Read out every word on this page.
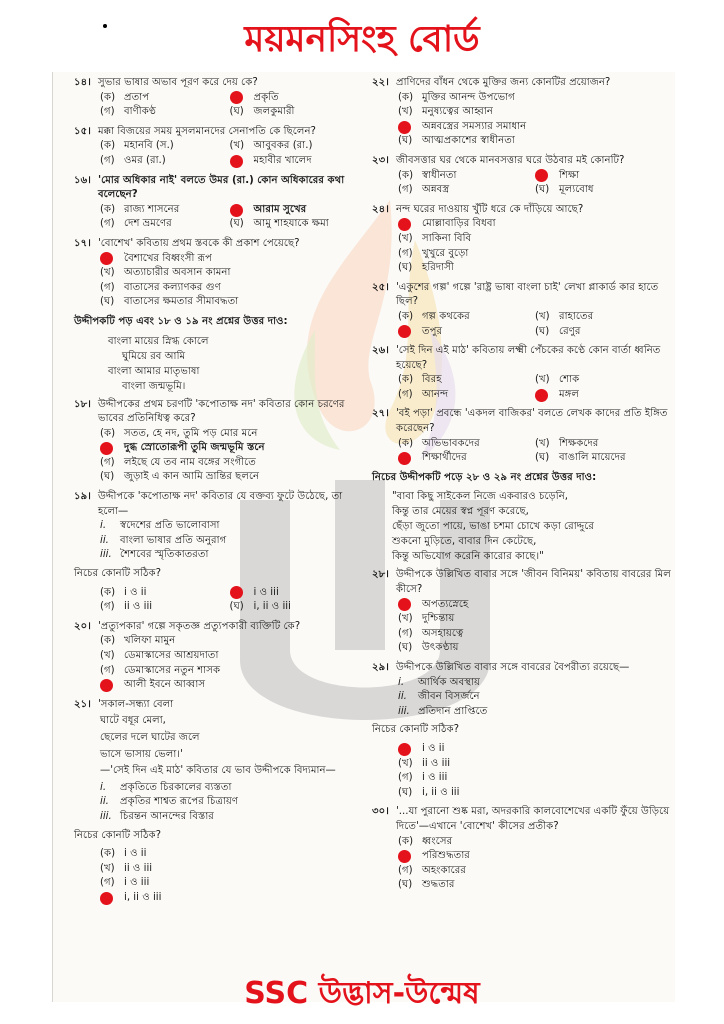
ময়মনসিংহ বোর্ড
১৪। সুভার ভাষার অভাব পূরণ করে দেয় কে?
(ক) প্রতাপ	প্রকৃতি
(গ) বাণীকণ্ঠ	(ঘ) জলকুমারী
১৫। মক্কা বিজয়ের সময় মুসলমানদের সেনাপতি কে ছিলেন?
(ক) মহানবি (স.)	(খ) আবুবকর (রা.)
(গ) ওমর (রা.)	মহাবীর খালেদ
১৬। 'মোর অধিকার নাই' বলতে উমর (রা.) কোন অধিকারের কথা বলেছেন?
(ক) রাজ্য শাসনের	আরাম সুখের
(গ) দেশ ভ্রমণের	(ঘ) আমু শাহযাকে ক্ষমা
১৭। 'বোশেখ' কবিতায় প্রথম স্তবকে কী প্রকাশ পেয়েছে?
বৈশাখের বিধ্বংসী রূপ
(খ) অত্যাচারীর অবসান কামনা
(গ) বাতাসের কল্যাণকর গুণ
(ঘ) বাতাসের ক্ষমতার সীমাবদ্ধতা
উদ্দীপকটি পড় এবং ১৮ ও ১৯ নং প্রশ্নের উত্তর দাও:
বাংলা মায়ের স্নিগ্ধ কোলে
ঘুমিয়ে রব আমি
বাংলা আমার মাতৃভাষা
বাংলা জন্মভূমি।
১৮। উদ্দীপকের প্রথম চরণটি 'কপোতাক্ষ নদ' কবিতার কোন চরণের ভাবের প্রতিনিধিত্ব করে?
(ক) সতত, হে নদ, তুমি পড় মোর মনে
দুগ্ধ স্রোতোরূপী তুমি জন্মভূমি স্তনে
(গ) লইছে যে তব নাম বঙ্গের সংগীতে
(ঘ) জুড়াই এ কান আমি ভ্রান্তির ছলনে
১৯। উদ্দীপকে 'কপোতাক্ষ নদ' কবিতার যে বক্তব্য ফুটে উঠেছে, তা হলো—
i.	স্বদেশের প্রতি ভালোবাসা
ii.	বাংলা ভাষার প্রতি অনুরাগ
iii. শৈশবের স্মৃতিকাতরতা
নিচের কোনটি সঠিক?
(ক) i ও ii	i ও iii
(গ) ii ও iii	(ঘ) i, ii ও iii
২০। 'প্রত্যুপকার' গল্পে সকৃতজ্ঞ প্রত্যুপকারী ব্যক্তিটি কে?
(ক) খলিফা মামুন
(খ) ডেমাস্কাসের আশ্রয়দাতা
(গ) ডেমাস্কাসের নতুন শাসক
আলী ইবনে আব্বাস
২১। 'সকাল-সন্ধ্যা বেলা
ঘাটে বধূর মেলা,
ছেলের দলে ঘাটের জলে
ভাসে ভাসায় ভেলা।'
—'সেই দিন এই মাঠ' কবিতার যে ভাব উদ্দীপকে বিদ্যমান—
i.	প্রকৃতিতে চিরকালের ব্যস্ততা
ii.	প্রকৃতির শাশ্বত রূপের চিত্রায়ণ
iii. চিরন্তন আনন্দের বিস্তার
নিচের কোনটি সঠিক?
(ক) i ও ii
(খ) ii ও iii
(গ) i ও iii
i, ii ও iii
২২। প্রাণিদের বাঁধন থেকে মুক্তির জন্য কোনটির প্রয়োজন?
(ক) মুক্তির আনন্দ উপভোগ
(খ) মনুষ্যত্বের আহ্বান
অন্নবস্ত্রের সমস্যার সমাধান
(ঘ) আত্মপ্রকাশের স্বাধীনতা
২৩। জীবসত্তার ঘর থেকে মানবসত্তার ঘরে উঠবার মই কোনটি?
(ক) স্বাধীনতা	শিক্ষা
(গ) অন্নবস্ত্র	(ঘ) মূল্যবোধ
২৪। নন্দ ঘরের দাওয়ায় খুঁটি ধরে কে দাঁড়িয়ে আছে?
মোল্লাবাড়ির বিধবা
(খ) সাকিনা বিবি
(গ) খুখুরে বুড়ো
(ঘ) হরিদাসী
২৫। 'একুশের গল্প' গল্পে 'রাষ্ট্র ভাষা বাংলা চাই' লেখা প্লাকার্ড কার হাতে ছিল?
(ক) গল্প কথকের	(খ) রাহাতের
তপুর	(ঘ) রেণুর
২৬। 'সেই দিন এই মাঠ' কবিতায় লক্ষ্মী পেঁচকের কণ্ঠে কোন বার্তা ধ্বনিত হয়েছে?
(ক) বিরহ	(খ) শোক
(গ) আনন্দ	মঙ্গল
২৭। 'বই পড়া' প্রবন্ধে 'একদল বাজিকর' বলতে লেখক কাদের প্রতি ইঙ্গিত করেছেন?
(ক) অভিভাবকদের	(খ) শিক্ষকদের
শিক্ষার্থীদের	(ঘ) বাঙালি মায়েদের
নিচের উদ্দীপকটি পড়ে ২৮ ও ২৯ নং প্রশ্নের উত্তর দাও:
"বাবা কিছু সাইকেল নিজে একবারও চড়েনি,
কিন্তু তার মেয়ের স্বপ্ন পূরণ করেছে,
ছেঁড়া জুতো পায়ে, ভাঙা চশমা চোখে কড়া রোদ্দুরে
শুকনো মুড়িতে, বাবার দিন কেটেছে,
কিন্তু অভিযোগ করেনি কারোর কাছে।"
২৮। উদ্দীপকে উল্লিখিত বাবার সঙ্গে 'জীবন বিনিময়' কবিতায় বাবরের মিল কীসে?
অপত্যস্নেহে
(খ) দুশ্চিন্তায়
(গ) অসহায়ত্বে
(ঘ) উৎকণ্ঠায়
২৯। উদ্দীপকে উল্লিখিত বাবার সঙ্গে বাবরের বৈপরীত্য রয়েছে—
i.	আর্থিক অবস্থায়
ii.	জীবন বিসর্জনে
iii. প্রতিদান প্রাপ্তিতে
নিচের কোনটি সঠিক?
i ও ii
(খ) ii ও iii
(গ) i ও iii
(ঘ) i, ii ও iii
৩০। '...যা পুরানো শুষ্ক মরা, অদরকারি কালবোশেখের একটি ফুঁয়ে উড়িয়ে দিতে'—এখানে 'বোশেখ' কীসের প্রতীক?
(ক) ধ্বংসের
পরিশুদ্ধতার
(গ) অহংকারের
(ঘ) শুদ্ধতার
SSC উদ্ভাস-উন্মেষ
